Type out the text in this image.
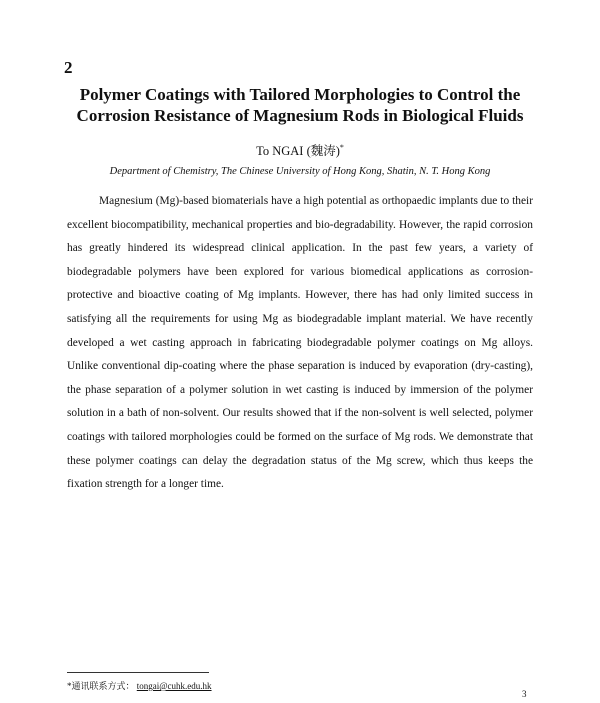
2
Polymer Coatings with Tailored Morphologies to Control the Corrosion Resistance of Magnesium Rods in Biological Fluids
To NGAI (魏涛)*
Department of Chemistry, The Chinese University of Hong Kong, Shatin, N. T. Hong Kong

Magnesium (Mg)-based biomaterials have a high potential as orthopaedic implants due to their excellent biocompatibility, mechanical properties and bio-degradability. However, the rapid corrosion has greatly hindered its widespread clinical application. In the past few years, a variety of biodegradable polymers have been explored for various biomedical applications as corrosion-protective and bioactive coating of Mg implants. However, there has had only limited success in satisfying all the requirements for using Mg as biodegradable implant material. We have recently developed a wet casting approach in fabricating biodegradable polymer coatings on Mg alloys. Unlike conventional dip-coating where the phase separation is induced by evaporation (dry-casting), the phase separation of a polymer solution in wet casting is induced by immersion of the polymer solution in a bath of non-solvent. Our results showed that if the non-solvent is well selected, polymer coatings with tailored morphologies could be formed on the surface of Mg rods. We demonstrate that these polymer coatings can delay the degradation status of the Mg screw, which thus keeps the fixation strength for a longer time.

*通讯联系方式： tongai@cuhk.edu.hk
3
